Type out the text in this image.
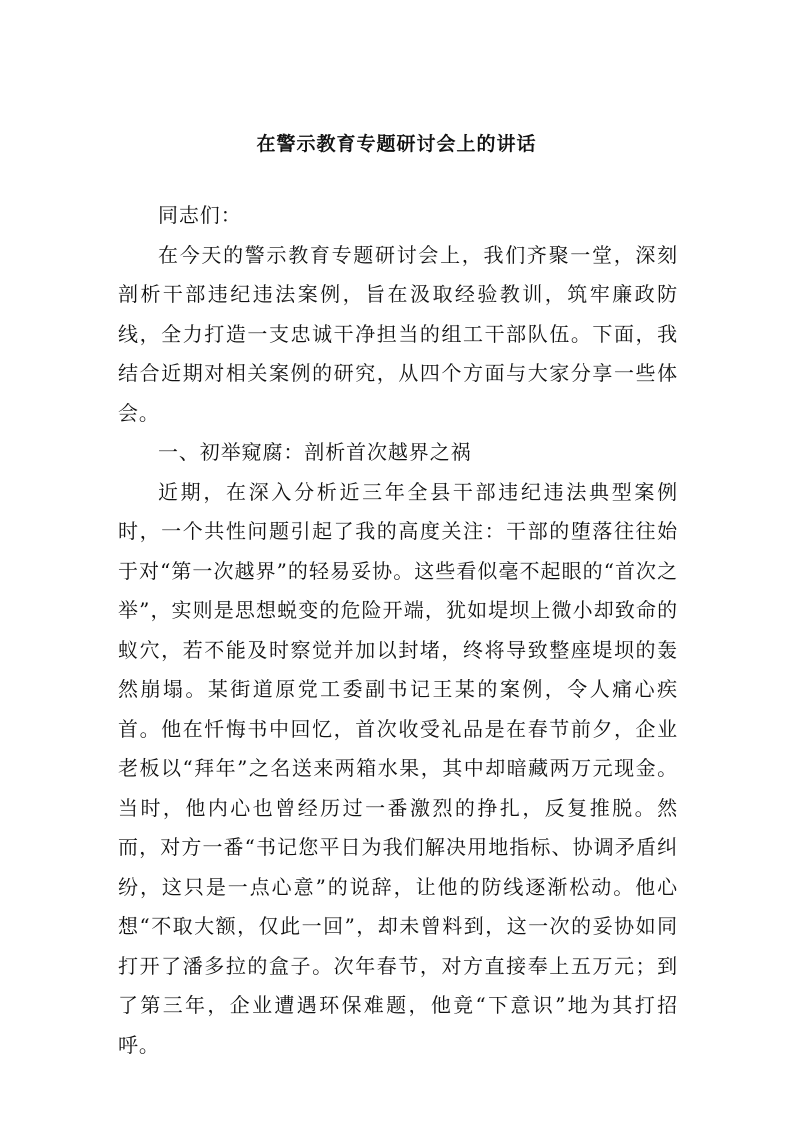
在警示教育专题研讨会上的讲话

同志们：

在今天的警示教育专题研讨会上，我们齐聚一堂，深刻剖析干部违纪违法案例，旨在汲取经验教训，筑牢廉政防线，全力打造一支忠诚干净担当的组工干部队伍。下面，我结合近期对相关案例的研究，从四个方面与大家分享一些体会。

一、初举窥腐：剖析首次越界之祸

近期，在深入分析近三年全县干部违纪违法典型案例时，一个共性问题引起了我的高度关注：干部的堕落往往始于对“第一次越界”的轻易妥协。这些看似毫不起眼的“首次之举”，实则是思想蜕变的危险开端，犹如堤坝上微小却致命的蚁穴，若不能及时察觉并加以封堵，终将导致整座堤坝的轰然崩塌。某街道原党工委副书记王某的案例，令人痛心疾首。他在忏悔书中回忆，首次收受礼品是在春节前夕，企业老板以“拜年”之名送来两箱水果，其中却暗藏两万元现金。当时，他内心也曾经历过一番激烈的挣扎，反复推脱。然而，对方一番“书记您平日为我们解决用地指标、协调矛盾纠纷，这只是一点心意”的说辞，让他的防线逐渐松动。他心想“不取大额，仅此一回”，却未曾料到，这一次的妥协如同打开了潘多拉的盒子。次年春节，对方直接奉上五万元；到了第三年，企业遭遇环保难题，他竟“下意识”地为其打招呼。
